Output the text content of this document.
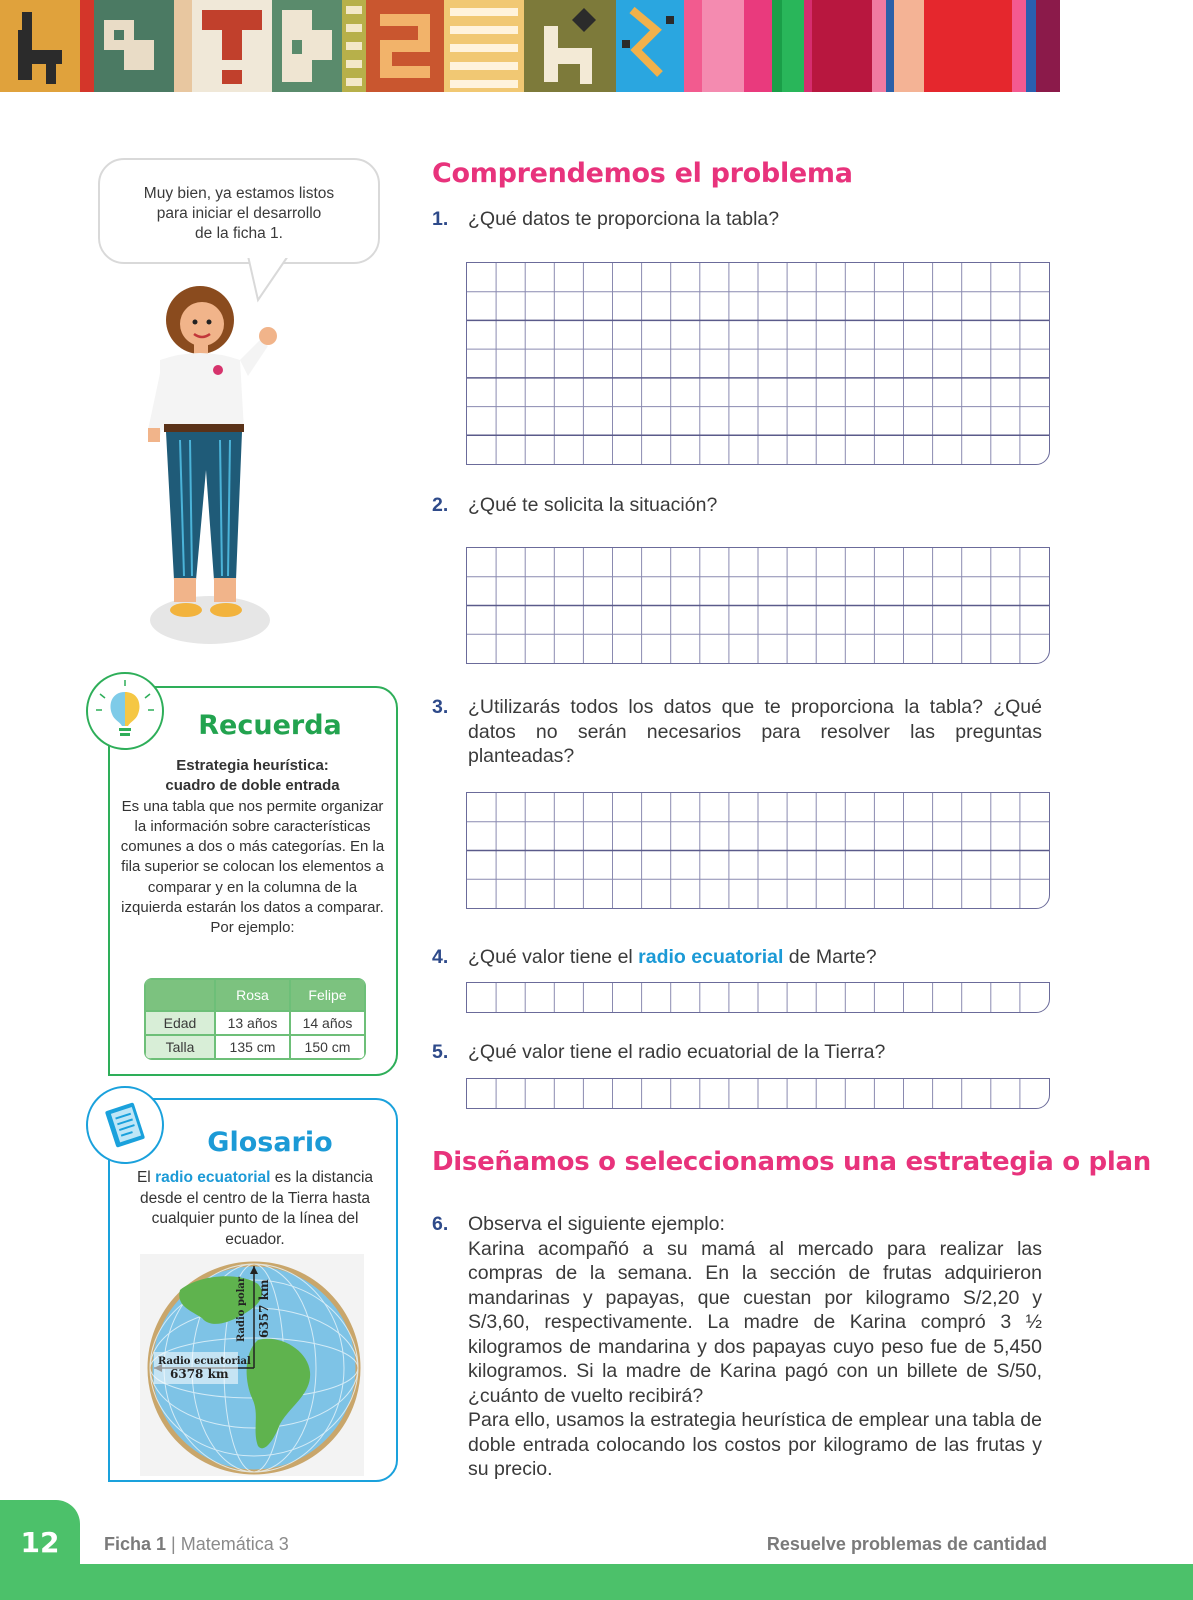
Muy bien, ya estamos listos
para iniciar el desarrollo
de la ficha 1.
Recuerda
Estrategia heurística:
cuadro de doble entrada
Es una tabla que nos permite organizar la información sobre características comunes a dos o más categorías. En la fila superior se colocan los elementos a comparar y en la columna de la izquierda estarán los datos a comparar. Por ejemplo:
	Rosa	Felipe
Edad	13 años	14 años
Talla	135 cm	150 cm
Glosario
El radio ecuatorial es la distancia desde el centro de la Tierra hasta cualquier punto de la línea del ecuador.
Radio ecuatorial
6378 km
Radio polar 6357 km
Comprendemos el problema
1. ¿Qué datos te proporciona la tabla?
2. ¿Qué te solicita la situación?
3. ¿Utilizarás todos los datos que te proporciona la tabla? ¿Qué datos no serán necesarios para resolver las preguntas planteadas?
4. ¿Qué valor tiene el radio ecuatorial de Marte?
5. ¿Qué valor tiene el radio ecuatorial de la Tierra?
Diseñamos o seleccionamos una estrategia o plan
6. Observa el siguiente ejemplo:
Karina acompañó a su mamá al mercado para realizar las compras de la semana. En la sección de frutas adquirieron mandarinas y papayas, que cuestan por kilogramo S/2,20 y S/3,60, respectivamente. La madre de Karina compró 3 ½ kilogramos de mandarina y dos papayas cuyo peso fue de 5,450 kilogramos. Si la madre de Karina pagó con un billete de S/50, ¿cuánto de vuelto recibirá?
Para ello, usamos la estrategia heurística de emplear una tabla de doble entrada colocando los costos por kilogramo de las frutas y su precio.
12	Ficha 1 | Matemática 3	Resuelve problemas de cantidad
